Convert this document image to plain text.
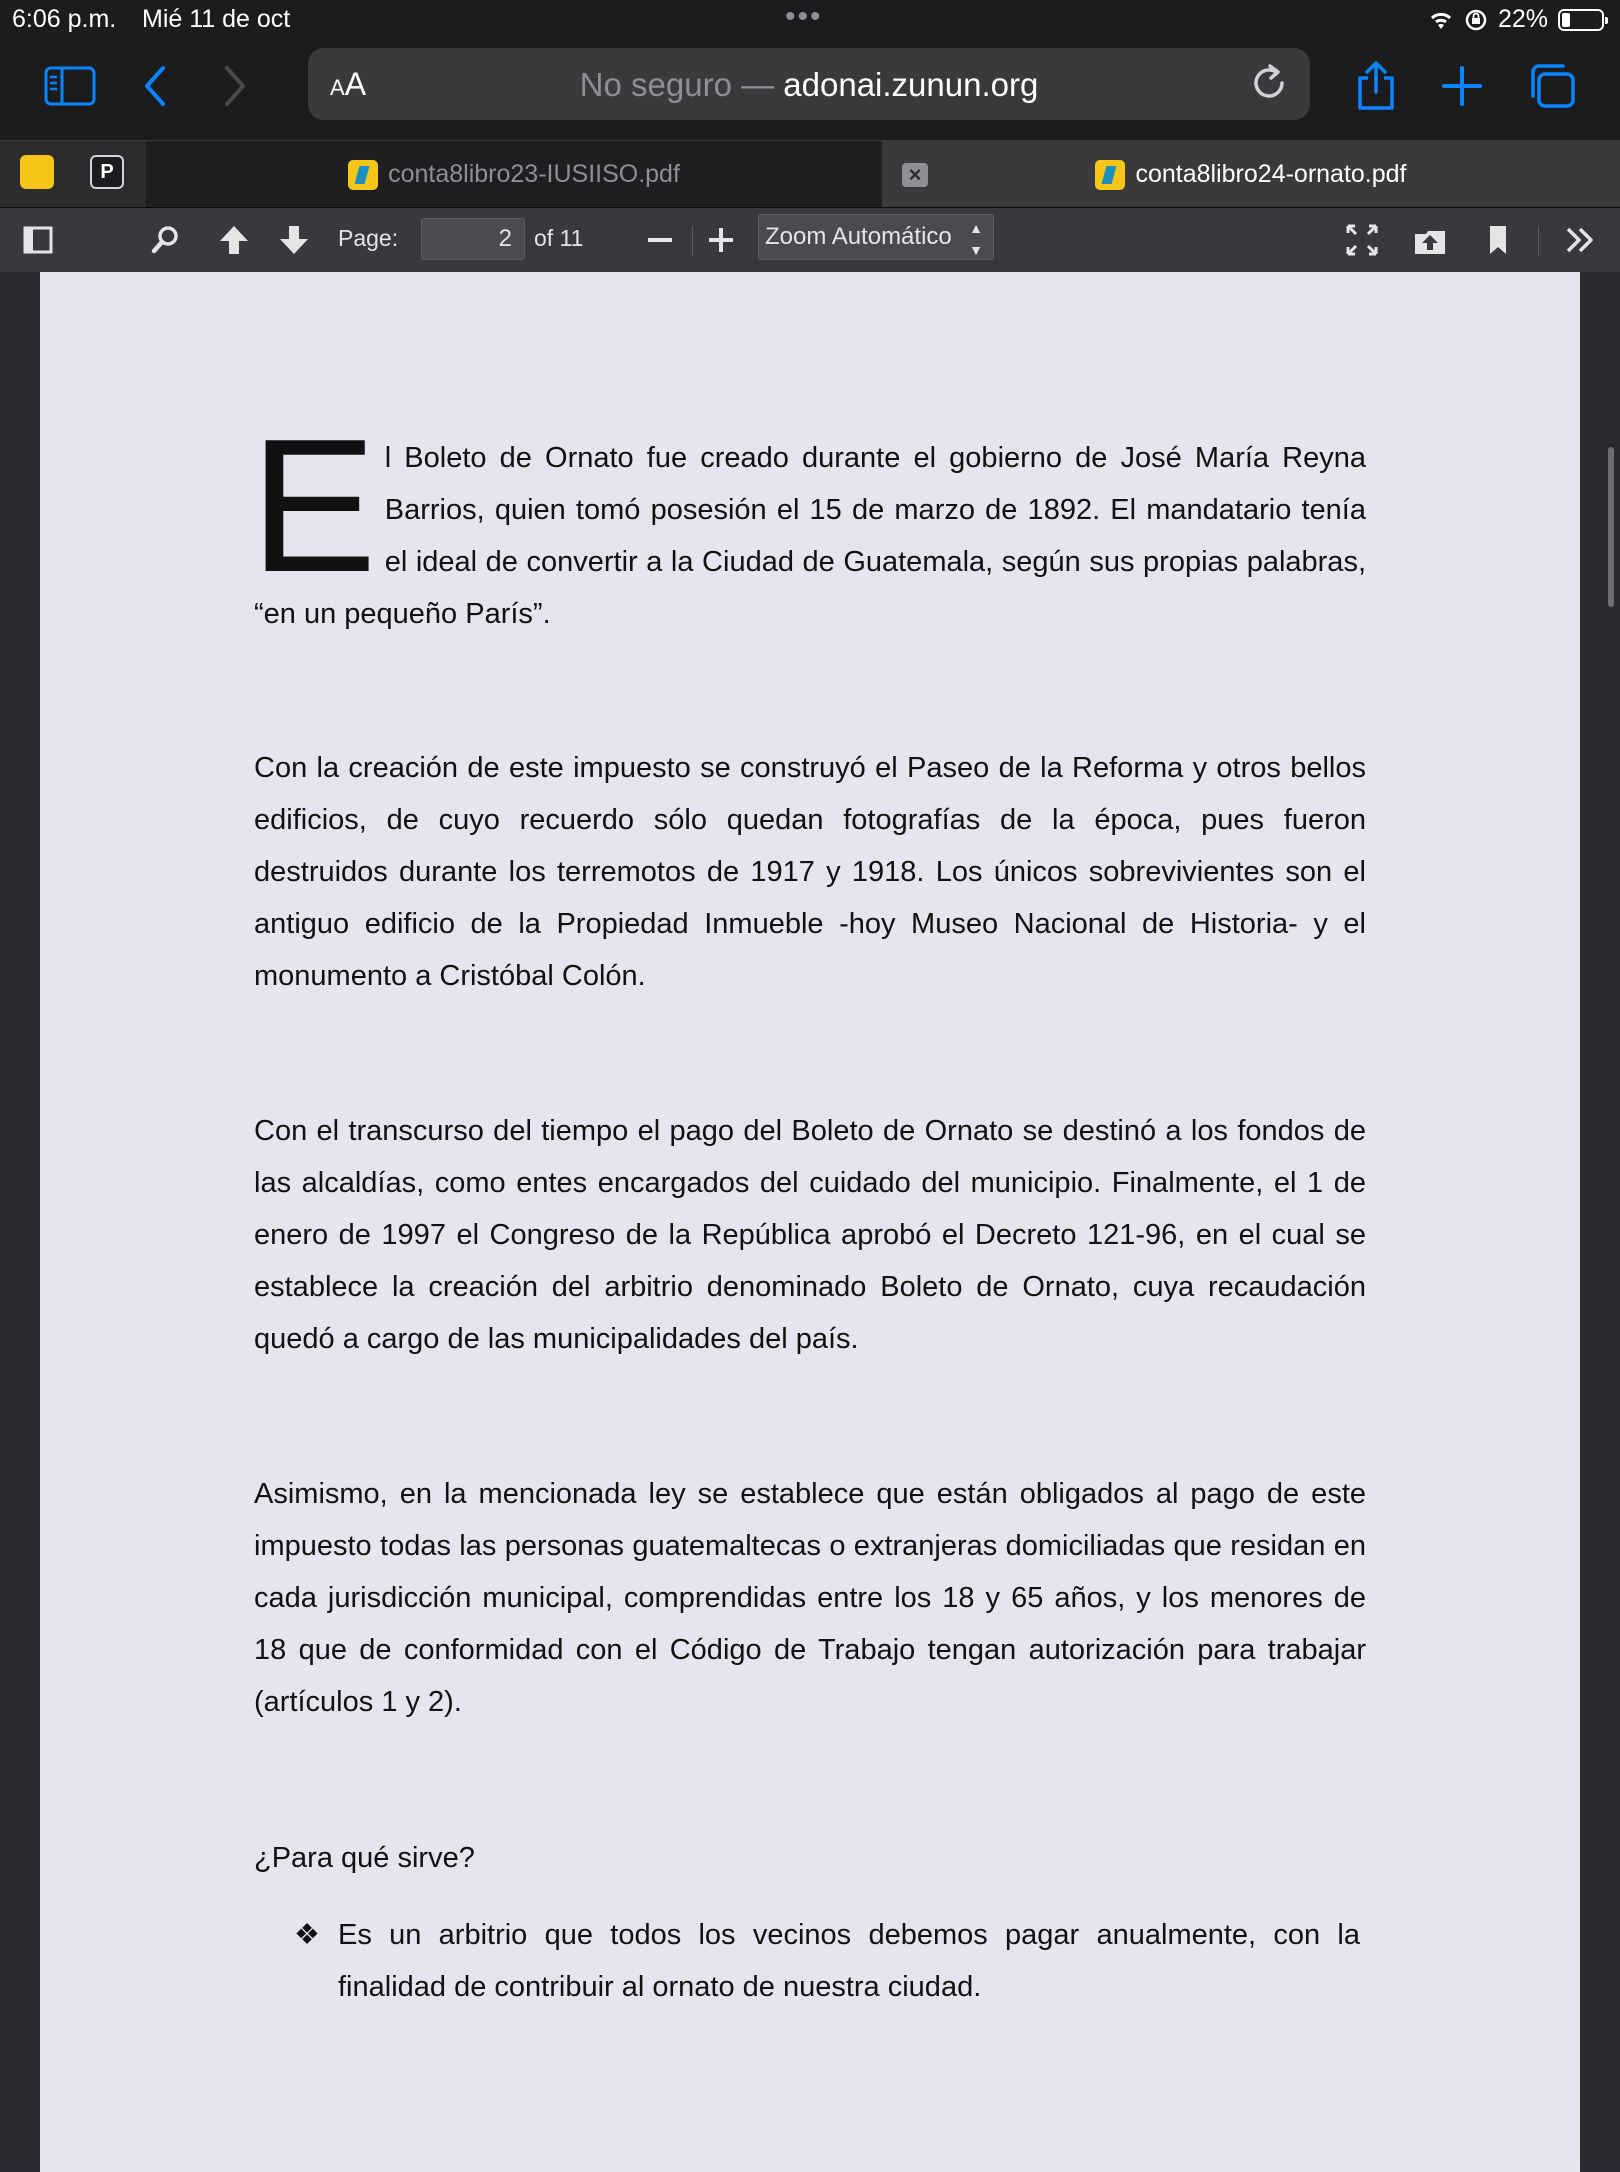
6:06 p.m. Mié 11 de oct	•••	22%
AA	No seguro — adonai.zunun.org
P	conta8libro23-IUSIISO.pdf	×	conta8libro24-ornato.pdf
Page:	2 of 11	Zoom Automático ▲
▼
E l Boleto de Ornato fue creado durante el gobierno de José María Reyna Barrios, quien tomó posesión el 15 de marzo de 1892. El mandatario tenía el ideal de convertir a la Ciudad de Guatemala, según sus propias palabras, “en un pequeño París”.
Con la creación de este impuesto se construyó el Paseo de la Reforma y otros bellos edificios, de cuyo recuerdo sólo quedan fotografías de la época, pues fueron destruidos durante los terremotos de 1917 y 1918. Los únicos sobrevivientes son el antiguo edificio de la Propiedad Inmueble -hoy Museo Nacional de Historia- y el monumento a Cristóbal Colón.
Con el transcurso del tiempo el pago del Boleto de Ornato se destinó a los fondos de las alcaldías, como entes encargados del cuidado del municipio. Finalmente, el 1 de enero de 1997 el Congreso de la República aprobó el Decreto 121-96, en el cual se establece la creación del arbitrio denominado Boleto de Ornato, cuya recaudación quedó a cargo de las municipalidades del país.
Asimismo, en la mencionada ley se establece que están obligados al pago de este impuesto todas las personas guatemaltecas o extranjeras domiciliadas que residan en cada jurisdicción municipal, comprendidas entre los 18 y 65 años, y los menores de 18 que de conformidad con el Código de Trabajo tengan autorización para trabajar (artículos 1 y 2).
¿Para qué sirve?
❖ Es un arbitrio que todos los vecinos debemos pagar anualmente, con la finalidad de contribuir al ornato de nuestra ciudad.
